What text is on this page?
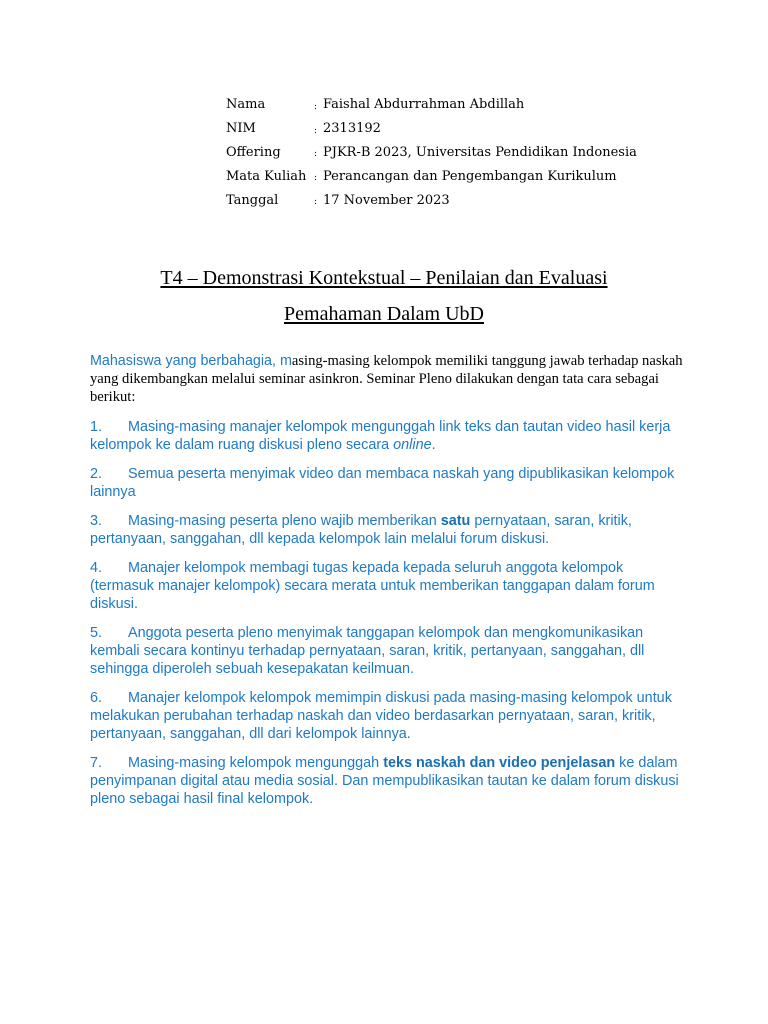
Nama	: Faishal Abdurrahman Abdillah
NIM	: 2313192
Offering	: PJKR-B 2023, Universitas Pendidikan Indonesia
Mata Kuliah : Perancangan dan Pengembangan Kurikulum
Tanggal	: 17 November 2023
T4 – Demonstrasi Kontekstual – Penilaian dan Evaluasi
Pemahaman Dalam UbD

Mahasiswa yang berbahagia, masing-masing kelompok memiliki tanggung jawab terhadap naskah yang dikembangkan melalui seminar asinkron. Seminar Pleno dilakukan dengan tata cara sebagai berikut:

1. Masing-masing manajer kelompok mengunggah link teks dan tautan video hasil kerja kelompok ke dalam ruang diskusi pleno secara online.

2. Semua peserta menyimak video dan membaca naskah yang dipublikasikan kelompok lainnya

3. Masing-masing peserta pleno wajib memberikan satu pernyataan, saran, kritik, pertanyaan, sanggahan, dll kepada kelompok lain melalui forum diskusi.

4. Manajer kelompok membagi tugas kepada kepada seluruh anggota kelompok (termasuk manajer kelompok) secara merata untuk memberikan tanggapan dalam forum diskusi.

5. Anggota peserta pleno menyimak tanggapan kelompok dan mengkomunikasikan kembali secara kontinyu terhadap pernyataan, saran, kritik, pertanyaan, sanggahan, dll sehingga diperoleh sebuah kesepakatan keilmuan.

6. Manajer kelompok kelompok memimpin diskusi pada masing-masing kelompok untuk melakukan perubahan terhadap naskah dan video berdasarkan pernyataan, saran, kritik, pertanyaan, sanggahan, dll dari kelompok lainnya.

7. Masing-masing kelompok mengunggah teks naskah dan video penjelasan ke dalam penyimpanan digital atau media sosial. Dan mempublikasikan tautan ke dalam forum diskusi pleno sebagai hasil final kelompok.
